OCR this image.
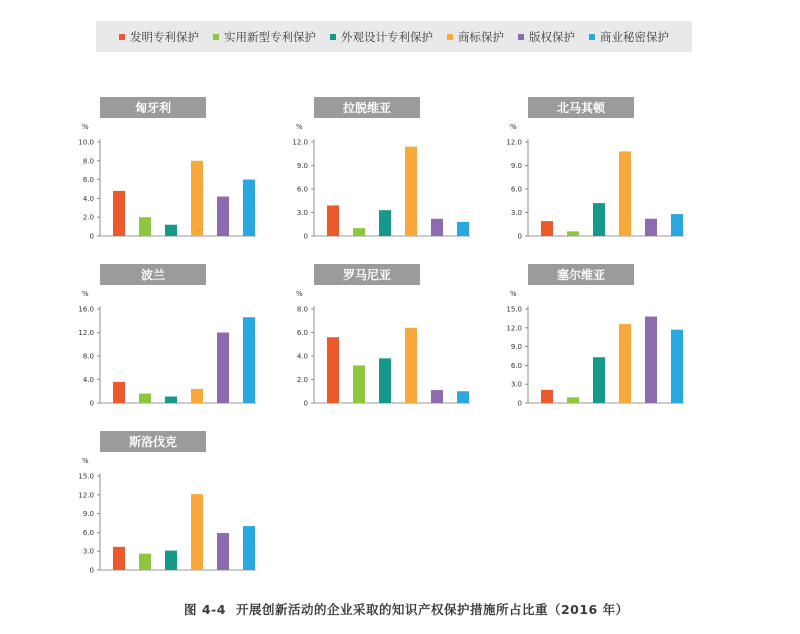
发明专利保护 实用新型专利保护 外观设计专利保护 商标保护 版权保护 商业秘密保护
匈牙利
%
0
2.0
4.0
6.0
8.0
10.0
拉脱维亚
%
0
3.0
6.0
9.0
12.0
北马其顿
%
0
3.0
6.0
9.0
12.0
波兰
%
0
4.0
8.0
12.0
16.0
罗马尼亚
%
0
2.0
4.0
6.0
8.0
塞尔维亚
%
0
3.0
6.0
9.0
12.0
15.0
斯洛伐克
%
0
3.0
6.0
9.0
12.0
15.0
图 4-4 开展创新活动的企业采取的知识产权保护措施所占比重（2016 年）
